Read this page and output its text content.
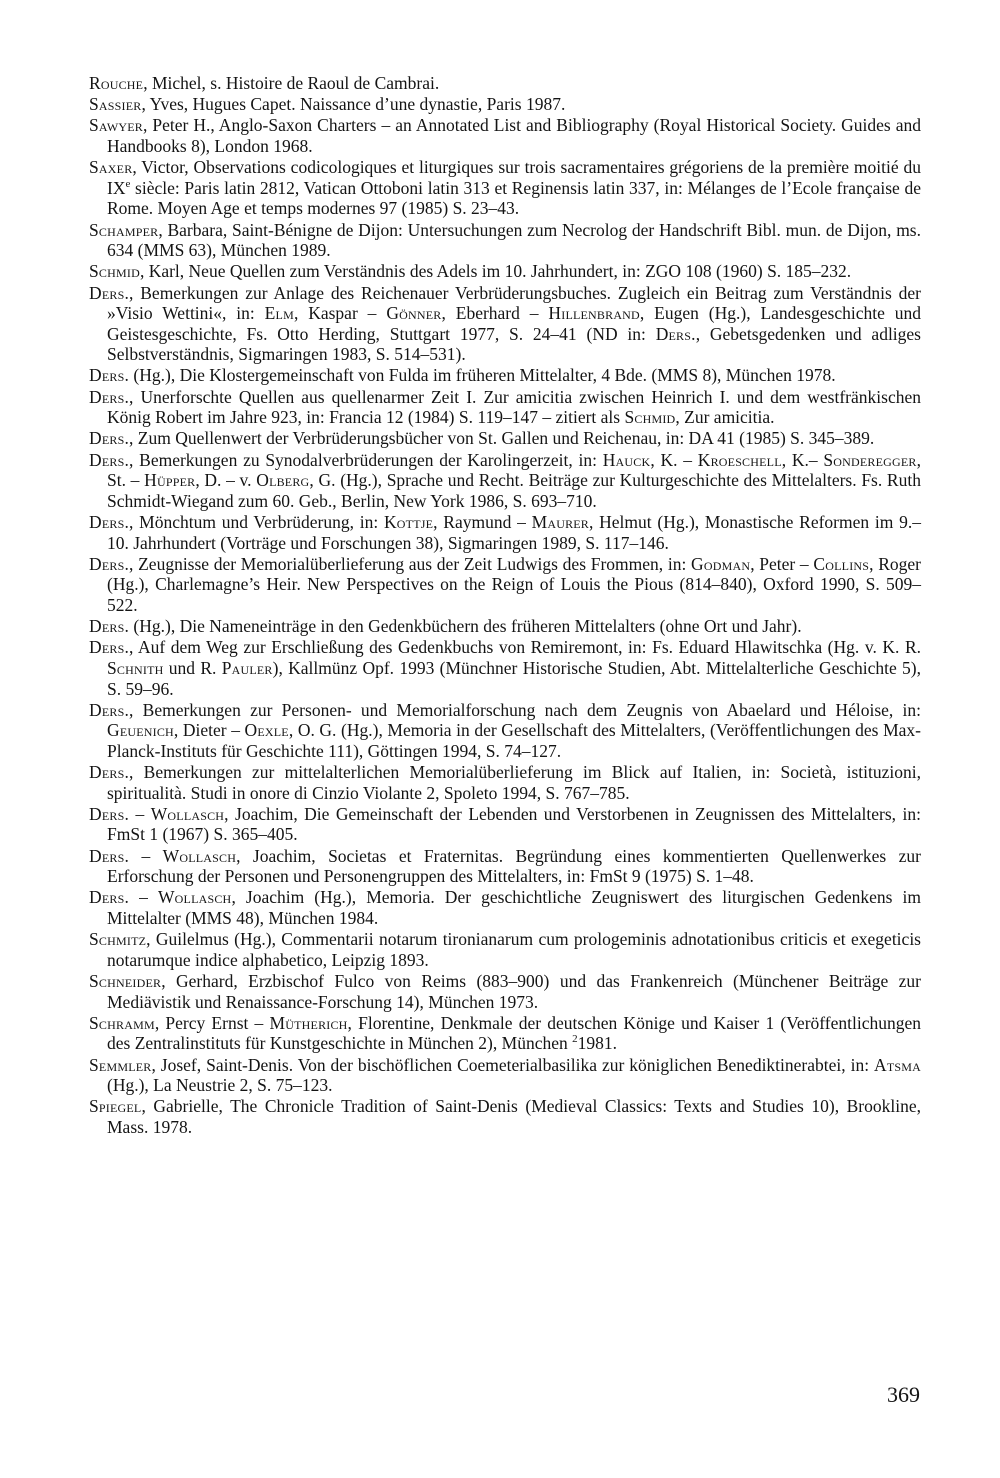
Rouche, Michel, s. Histoire de Raoul de Cambrai.
Sassier, Yves, Hugues Capet. Naissance d’une dynastie, Paris 1987.
Sawyer, Peter H., Anglo-Saxon Charters – an Annotated List and Bibliography (Royal Historical Society. Guides and Handbooks 8), London 1968.
Saxer, Victor, Observations codicologiques et liturgiques sur trois sacramentaires grégoriens de la première moitié du IXe siècle: Paris latin 2812, Vatican Ottoboni latin 313 et Reginensis latin 337, in: Mélanges de l’Ecole française de Rome. Moyen Age et temps modernes 97 (1985) S. 23–43.
Schamper, Barbara, Saint-Bénigne de Dijon: Untersuchungen zum Necrolog der Handschrift Bibl. mun. de Dijon, ms. 634 (MMS 63), München 1989.
Schmid, Karl, Neue Quellen zum Verständnis des Adels im 10. Jahrhundert, in: ZGO 108 (1960) S. 185–232.
Ders., Bemerkungen zur Anlage des Reichenauer Verbrüderungsbuches. Zugleich ein Beitrag zum Verständnis der »Visio Wettini«, in: Elm, Kaspar – Gönner, Eberhard – Hillenbrand, Eugen (Hg.), Landesgeschichte und Geistesgeschichte, Fs. Otto Herding, Stuttgart 1977, S. 24–41 (ND in: Ders., Gebetsgedenken und adliges Selbstverständnis, Sigmaringen 1983, S. 514–531).
Ders. (Hg.), Die Klostergemeinschaft von Fulda im früheren Mittelalter, 4 Bde. (MMS 8), München 1978.
Ders., Unerforschte Quellen aus quellenarmer Zeit I. Zur amicitia zwischen Heinrich I. und dem westfränkischen König Robert im Jahre 923, in: Francia 12 (1984) S. 119–147 – zitiert als Schmid, Zur amicitia.
Ders., Zum Quellenwert der Verbrüderungsbücher von St. Gallen und Reichenau, in: DA 41 (1985) S. 345–389.
Ders., Bemerkungen zu Synodalverbrüderungen der Karolingerzeit, in: Hauck, K. – Kroeschell, K.– Sonderegger, St. – Hüpper, D. – v. Olberg, G. (Hg.), Sprache und Recht. Beiträge zur Kulturgeschichte des Mittelalters. Fs. Ruth Schmidt-Wiegand zum 60. Geb., Berlin, New York 1986, S. 693–710.
Ders., Mönchtum und Verbrüderung, in: Kottje, Raymund – Maurer, Helmut (Hg.), Monastische Reformen im 9.–10. Jahrhundert (Vorträge und Forschungen 38), Sigmaringen 1989, S. 117–146.
Ders., Zeugnisse der Memorialüberlieferung aus der Zeit Ludwigs des Frommen, in: Godman, Peter – Collins, Roger (Hg.), Charlemagne’s Heir. New Perspectives on the Reign of Louis the Pious (814–840), Oxford 1990, S. 509–522.
Ders. (Hg.), Die Nameneinträge in den Gedenkbüchern des früheren Mittelalters (ohne Ort und Jahr).
Ders., Auf dem Weg zur Erschließung des Gedenkbuchs von Remiremont, in: Fs. Eduard Hlawitschka (Hg. v. K. R. Schnith und R. Pauler), Kallmünz Opf. 1993 (Münchner Historische Studien, Abt. Mittelalterliche Geschichte 5), S. 59–96.
Ders., Bemerkungen zur Personen- und Memorialforschung nach dem Zeugnis von Abaelard und Héloise, in: Geuenich, Dieter – Oexle, O. G. (Hg.), Memoria in der Gesellschaft des Mittelalters, (Veröffentlichungen des Max-Planck-Instituts für Geschichte 111), Göttingen 1994, S. 74–127.
Ders., Bemerkungen zur mittelalterlichen Memorialüberlieferung im Blick auf Italien, in: Società, istituzioni, spiritualità. Studi in onore di Cinzio Violante 2, Spoleto 1994, S. 767–785.
Ders. – Wollasch, Joachim, Die Gemeinschaft der Lebenden und Verstorbenen in Zeugnissen des Mittelalters, in: FmSt 1 (1967) S. 365–405.
Ders. – Wollasch, Joachim, Societas et Fraternitas. Begründung eines kommentierten Quellenwerkes zur Erforschung der Personen und Personengruppen des Mittelalters, in: FmSt 9 (1975) S. 1–48.
Ders. – Wollasch, Joachim (Hg.), Memoria. Der geschichtliche Zeugniswert des liturgischen Gedenkens im Mittelalter (MMS 48), München 1984.
Schmitz, Guilelmus (Hg.), Commentarii notarum tironianarum cum prologeminis adnotationibus criticis et exegeticis notarumque indice alphabetico, Leipzig 1893.
Schneider, Gerhard, Erzbischof Fulco von Reims (883–900) und das Frankenreich (Münchener Beiträge zur Mediävistik und Renaissance-Forschung 14), München 1973.
Schramm, Percy Ernst – Mütherich, Florentine, Denkmale der deutschen Könige und Kaiser 1 (Veröffentlichungen des Zentralinstituts für Kunstgeschichte in München 2), München $^2$1981.
Semmler, Josef, Saint-Denis. Von der bischöflichen Coemeterialbasilika zur königlichen Benediktinerabtei, in: Atsma (Hg.), La Neustrie 2, S. 75–123.
Spiegel, Gabrielle, The Chronicle Tradition of Saint-Denis (Medieval Classics: Texts and Studies 10), Brookline, Mass. 1978.
369
